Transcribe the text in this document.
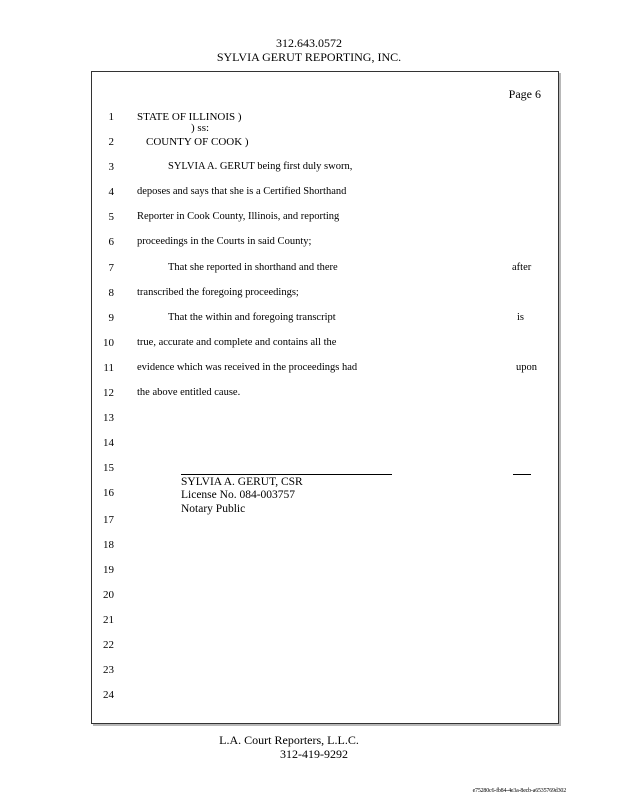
312.643.0572
SYLVIA GERUT REPORTING, INC.
Page 6
1 STATE OF ILLINOIS )
) ss:
2	COUNTY OF COOK )
3	SYLVIA A. GERUT being first duly sworn,
4 deposes and says that she is a Certified Shorthand
5 Reporter in Cook County, Illinois, and reporting
6 proceedings in the Courts in said County;
7	That she reported in shorthand and there	after
8 transcribed the foregoing proceedings;
9	That the within and foregoing transcript	is
10 true, accurate and complete and contains all the
11 evidence which was received in the proceedings had	upon
12 the above entitled cause.
13
14
15
SYLVIA A. GERUT, CSR
License No. 084-003757
Notary Public
16
17
18
19
20
21
22
23
24
L.A. Court Reporters, L.L.C.
312-419-9292
e75280c6-fb84-4e3a-8ecb-a6535769d302
